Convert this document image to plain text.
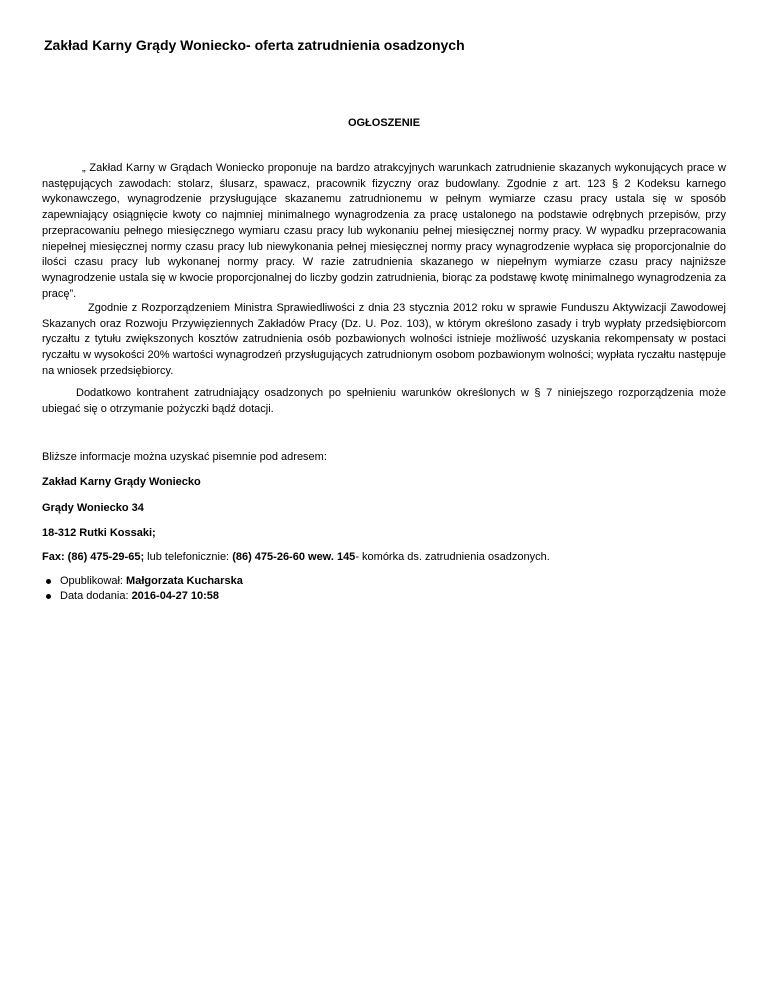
Zakład Karny Grądy Woniecko- oferta zatrudnienia osadzonych

OGŁOSZENIE

„ Zakład Karny w Grądach Woniecko proponuje na bardzo atrakcyjnych warunkach zatrudnienie skazanych wykonujących prace w następujących zawodach: stolarz, ślusarz, spawacz, pracownik fizyczny oraz budowlany. Zgodnie z art. 123 § 2 Kodeksu karnego wykonawczego, wynagrodzenie przysługujące skazanemu zatrudnionemu w pełnym wymiarze czasu pracy ustala się w sposób zapewniający osiągnięcie kwoty co najmniej minimalnego wynagrodzenia za pracę ustalonego na podstawie odrębnych przepisów, przy przepracowaniu pełnego miesięcznego wymiaru czasu pracy lub wykonaniu pełnej miesięcznej normy pracy. W wypadku przepracowania niepełnej miesięcznej normy czasu pracy lub niewykonania pełnej miesięcznej normy pracy wynagrodzenie wypłaca się proporcjonalnie do ilości czasu pracy lub wykonanej normy pracy. W razie zatrudnienia skazanego w niepełnym wymiarze czasu pracy najniższe wynagrodzenie ustala się w kwocie proporcjonalnej do liczby godzin zatrudnienia, biorąc za podstawę kwotę minimalnego wynagrodzenia za pracę”.

Zgodnie z Rozporządzeniem Ministra Sprawiedliwości z dnia 23 stycznia 2012 roku w sprawie Funduszu Aktywizacji Zawodowej Skazanych oraz Rozwoju Przywięziennych Zakładów Pracy (Dz. U. Poz. 103), w którym określono zasady i tryb wypłaty przedsiębiorcom ryczałtu z tytułu zwiększonych kosztów zatrudnienia osób pozbawionych wolności istnieje możliwość uzyskania rekompensaty w postaci ryczałtu w wysokości 20% wartości wynagrodzeń przysługujących zatrudnionym osobom pozbawionym wolności; wypłata ryczałtu następuje na wniosek przedsiębiorcy.

Dodatkowo kontrahent zatrudniający osadzonych po spełnieniu warunków określonych w § 7 niniejszego rozporządzenia może ubiegać się o otrzymanie pożyczki bądź dotacji.

Bliższe informacje można uzyskać pisemnie pod adresem:

Zakład Karny Grądy Woniecko

Grądy Woniecko 34

18-312 Rutki Kossaki;

Fax: (86) 475-29-65; lub telefonicznie: (86) 475-26-60 wew. 145- komórka ds. zatrudnienia osadzonych.

Opublikował: Małgorzata Kucharska
Data dodania: 2016-04-27 10:58
